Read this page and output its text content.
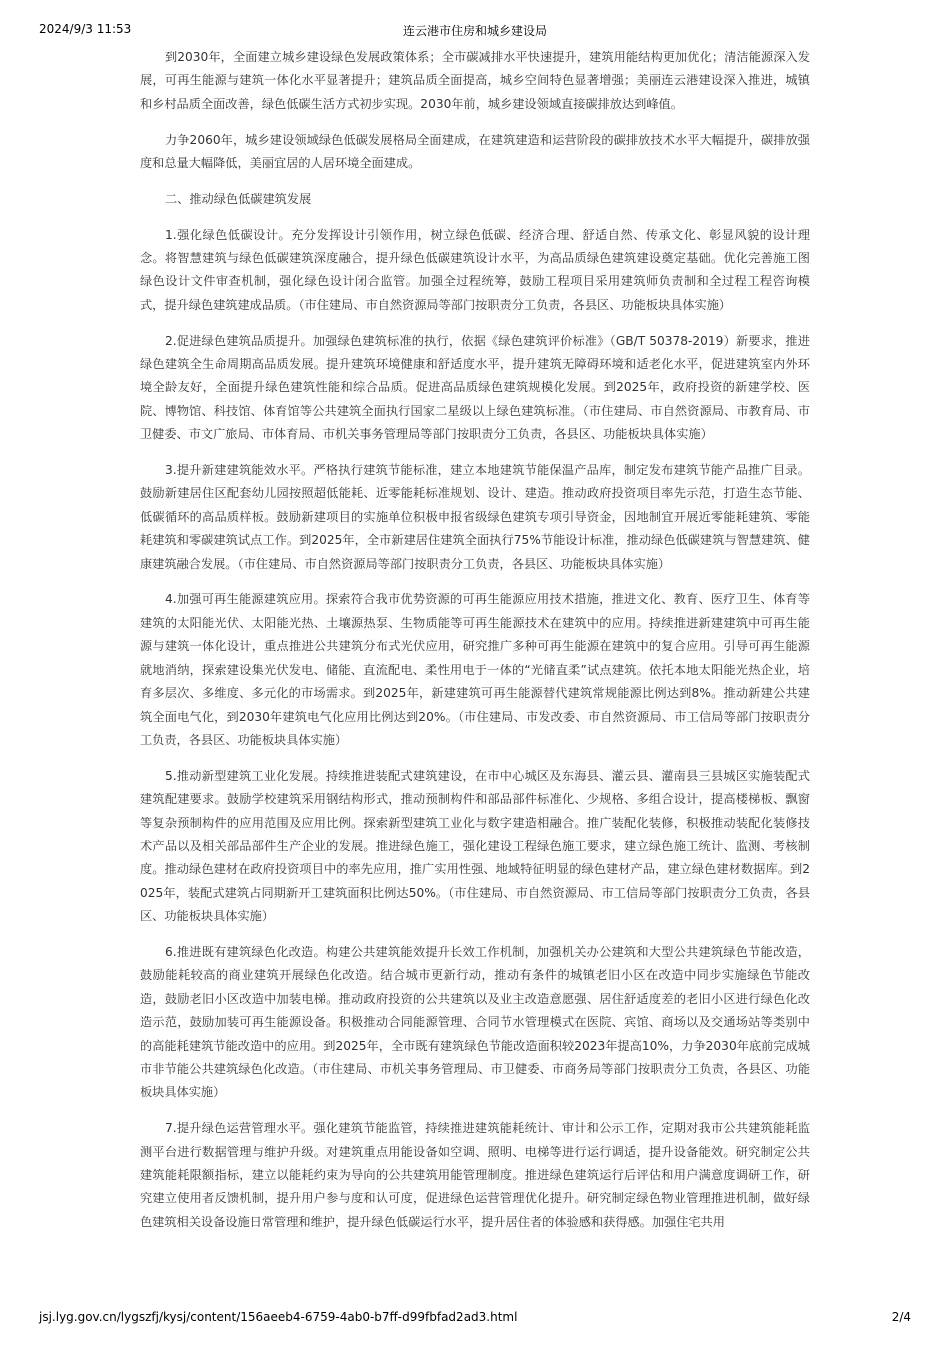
2024/9/3 11:53	连云港市住房和城乡建设局

到2030年，全面建立城乡建设绿色发展政策体系；全市碳减排水平快速提升，建筑用能结构更加优化；清洁能源深入发展，可再生能源与建筑一体化水平显著提升；建筑品质全面提高，城乡空间特色显著增强；美丽连云港建设深入推进，城镇和乡村品质全面改善，绿色低碳生活方式初步实现。2030年前，城乡建设领域直接碳排放达到峰值。

力争2060年，城乡建设领域绿色低碳发展格局全面建成，在建筑建造和运营阶段的碳排放技术水平大幅提升，碳排放强度和总量大幅降低，美丽宜居的人居环境全面建成。

二、推动绿色低碳建筑发展

1.强化绿色低碳设计。充分发挥设计引领作用，树立绿色低碳、经济合理、舒适自然、传承文化、彰显风貌的设计理念。将智慧建筑与绿色低碳建筑深度融合，提升绿色低碳建筑设计水平，为高品质绿色建筑建设奠定基础。优化完善施工图绿色设计文件审查机制，强化绿色设计闭合监管。加强全过程统筹，鼓励工程项目采用建筑师负责制和全过程工程咨询模式，提升绿色建筑建成品质。（市住建局、市自然资源局等部门按职责分工负责，各县区、功能板块具体实施）

2.促进绿色建筑品质提升。加强绿色建筑标准的执行，依据《绿色建筑评价标准》（GB/T 50378-2019）新要求，推进绿色建筑全生命周期高品质发展。提升建筑环境健康和舒适度水平，提升建筑无障碍环境和适老化水平，促进建筑室内外环境全龄友好，全面提升绿色建筑性能和综合品质。促进高品质绿色建筑规模化发展。到2025年，政府投资的新建学校、医院、博物馆、科技馆、体育馆等公共建筑全面执行国家二星级以上绿色建筑标准。（市住建局、市自然资源局、市教育局、市卫健委、市文广旅局、市体育局、市机关事务管理局等部门按职责分工负责，各县区、功能板块具体实施）

3.提升新建建筑能效水平。严格执行建筑节能标准，建立本地建筑节能保温产品库，制定发布建筑节能产品推广目录。鼓励新建居住区配套幼儿园按照超低能耗、近零能耗标准规划、设计、建造。推动政府投资项目率先示范，打造生态节能、低碳循环的高品质样板。鼓励新建项目的实施单位积极申报省级绿色建筑专项引导资金，因地制宜开展近零能耗建筑、零能耗建筑和零碳建筑试点工作。到2025年，全市新建居住建筑全面执行75%节能设计标准，推动绿色低碳建筑与智慧建筑、健康建筑融合发展。（市住建局、市自然资源局等部门按职责分工负责，各县区、功能板块具体实施）

4.加强可再生能源建筑应用。探索符合我市优势资源的可再生能源应用技术措施，推进文化、教育、医疗卫生、体育等建筑的太阳能光伏、太阳能光热、土壤源热泵、生物质能等可再生能源技术在建筑中的应用。持续推进新建建筑中可再生能源与建筑一体化设计，重点推进公共建筑分布式光伏应用，研究推广多种可再生能源在建筑中的复合应用。引导可再生能源就地消纳，探索建设集光伏发电、储能、直流配电、柔性用电于一体的“光储直柔”试点建筑。依托本地太阳能光热企业，培育多层次、多维度、多元化的市场需求。到2025年，新建建筑可再生能源替代建筑常规能源比例达到8%。推动新建公共建筑全面电气化，到2030年建筑电气化应用比例达到20%。（市住建局、市发改委、市自然资源局、市工信局等部门按职责分工负责，各县区、功能板块具体实施）

5.推动新型建筑工业化发展。持续推进装配式建筑建设，在市中心城区及东海县、灌云县、灌南县三县城区实施装配式建筑配建要求。鼓励学校建筑采用钢结构形式，推动预制构件和部品部件标准化、少规格、多组合设计，提高楼梯板、飘窗等复杂预制构件的应用范围及应用比例。探索新型建筑工业化与数字建造相融合。推广装配化装修，积极推动装配化装修技术产品以及相关部品部件生产企业的发展。推进绿色施工，强化建设工程绿色施工要求，建立绿色施工统计、监测、考核制度。推动绿色建材在政府投资项目中的率先应用，推广实用性强、地域特征明显的绿色建材产品，建立绿色建材数据库。到2025年，装配式建筑占同期新开工建筑面积比例达50%。（市住建局、市自然资源局、市工信局等部门按职责分工负责，各县区、功能板块具体实施）

6.推进既有建筑绿色化改造。构建公共建筑能效提升长效工作机制，加强机关办公建筑和大型公共建筑绿色节能改造，鼓励能耗较高的商业建筑开展绿色化改造。结合城市更新行动，推动有条件的城镇老旧小区在改造中同步实施绿色节能改造，鼓励老旧小区改造中加装电梯。推动政府投资的公共建筑以及业主改造意愿强、居住舒适度差的老旧小区进行绿色化改造示范，鼓励加装可再生能源设备。积极推动合同能源管理、合同节水管理模式在医院、宾馆、商场以及交通场站等类别中的高能耗建筑节能改造中的应用。到2025年，全市既有建筑绿色节能改造面积较2023年提高10%，力争2030年底前完成城市非节能公共建筑绿色化改造。（市住建局、市机关事务管理局、市卫健委、市商务局等部门按职责分工负责，各县区、功能板块具体实施）

7.提升绿色运营管理水平。强化建筑节能监管，持续推进建筑能耗统计、审计和公示工作，定期对我市公共建筑能耗监测平台进行数据管理与维护升级。对建筑重点用能设备如空调、照明、电梯等进行运行调适，提升设备能效。研究制定公共建筑能耗限额指标，建立以能耗约束为导向的公共建筑用能管理制度。推进绿色建筑运行后评估和用户满意度调研工作，研究建立使用者反馈机制，提升用户参与度和认可度，促进绿色运营管理优化提升。研究制定绿色物业管理推进机制，做好绿色建筑相关设备设施日常管理和维护，提升绿色低碳运行水平，提升居住者的体验感和获得感。加强住宅共用

jsj.lyg.gov.cn/lygszfj/kysj/content/156aeeb4-6759-4ab0-b7ff-d99fbfad2ad3.html	2/4
